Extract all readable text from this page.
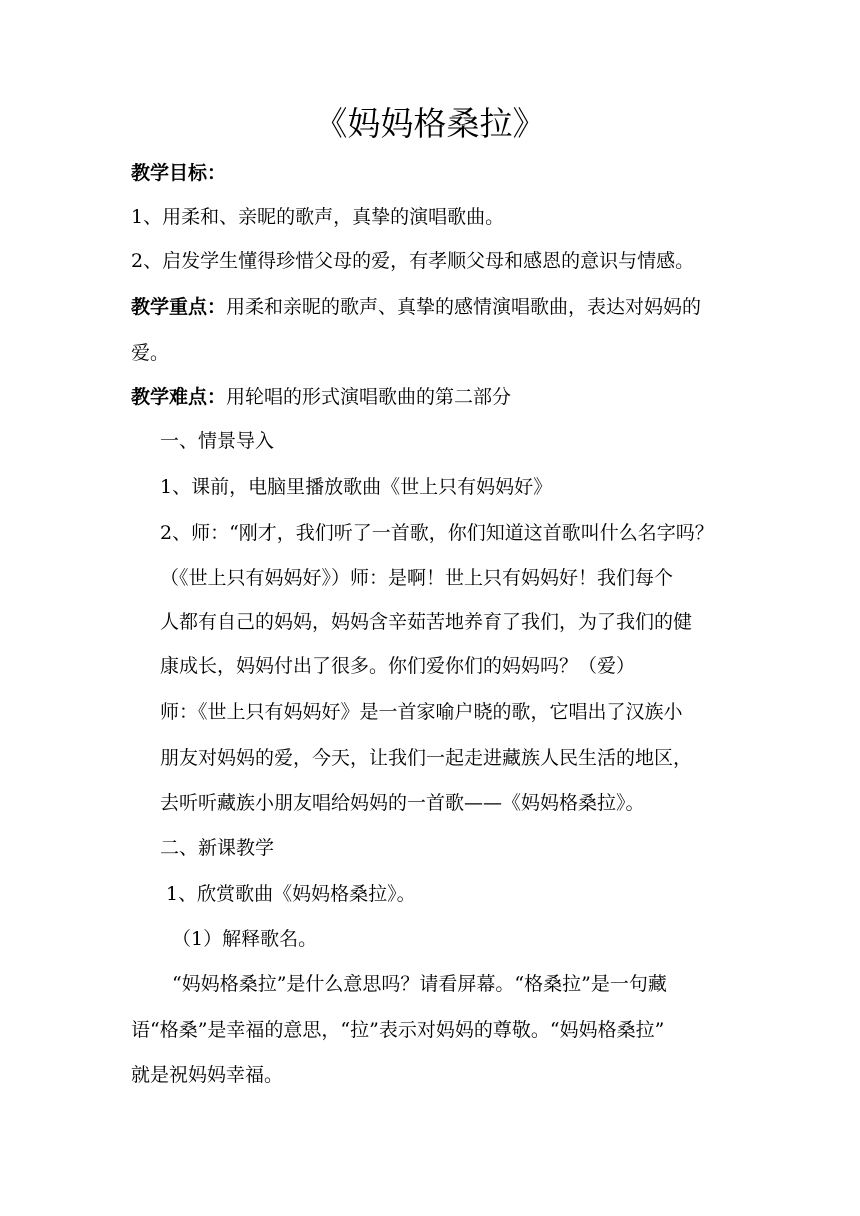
《妈妈格桑拉》
教学目标：
1、用柔和、亲昵的歌声，真挚的演唱歌曲。
2、启发学生懂得珍惜父母的爱，有孝顺父母和感恩的意识与情感。
教学重点：用柔和亲昵的歌声、真挚的感情演唱歌曲，表达对妈妈的
爱。
教学难点：用轮唱的形式演唱歌曲的第二部分
一、情景导入
1、课前，电脑里播放歌曲《世上只有妈妈好》
2、师：“刚才，我们听了一首歌，你们知道这首歌叫什么名字吗？
（《世上只有妈妈好》）师：是啊！世上只有妈妈好！我们每个
人都有自己的妈妈，妈妈含辛茹苦地养育了我们，为了我们的健
康成长，妈妈付出了很多。你们爱你们的妈妈吗？（爱）
师：《世上只有妈妈好》是一首家喻户晓的歌，它唱出了汉族小
朋友对妈妈的爱，今天，让我们一起走进藏族人民生活的地区，
去听听藏族小朋友唱给妈妈的一首歌——《妈妈格桑拉》。
二、新课教学
1、欣赏歌曲《妈妈格桑拉》。
（1）解释歌名。
“妈妈格桑拉”是什么意思吗？请看屏幕。“格桑拉”是一句藏
语“格桑”是幸福的意思，“拉”表示对妈妈的尊敬。“妈妈格桑拉”
就是祝妈妈幸福。
